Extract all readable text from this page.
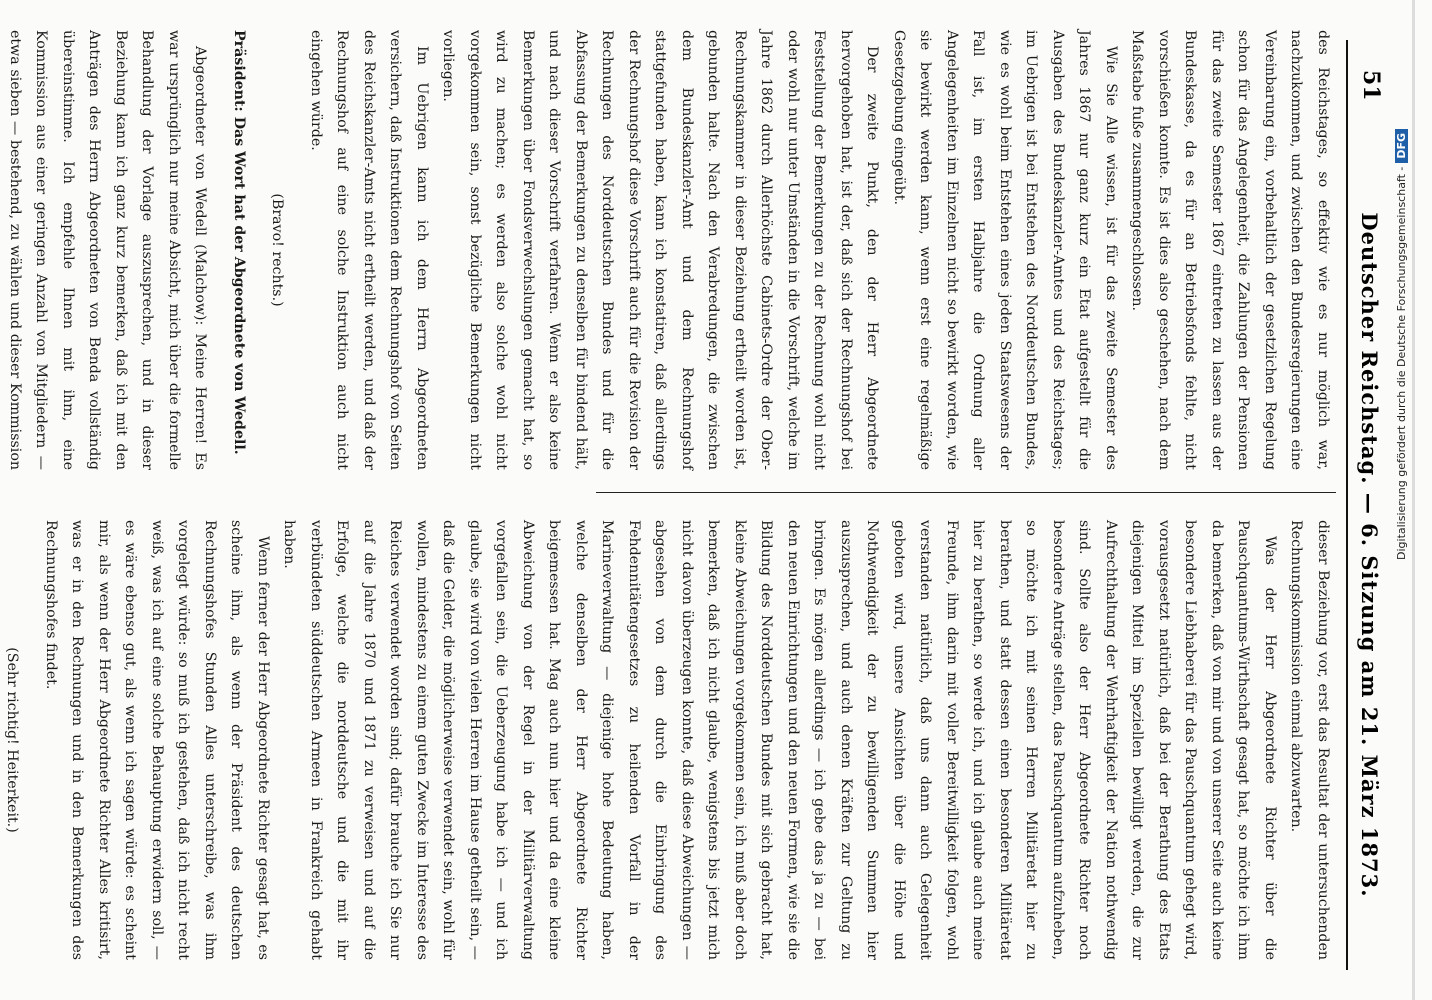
51
Deutscher Reichstag. — 6. Sitzung am 21. März 1873.

des Reichstages, so effektiv wie es nur möglich war, nachzukommen, und zwischen den Bundesregierungen eine Vereinbarung ein, vorbehaltlich der gesetzlichen Regelung schon für das Angelegenheit, die Zahlungen der Pensionen für das zweite Semester 1867 eintreten zu lassen aus der Bundeskasse, da es für an Betriebsfonds fehlte, nicht vorschießen konnte. Es ist dies also geschehen, nach dem Maßstabe fuße zusammengeschlossen.

Wie Sie Alle wissen, ist für das zweite Semester des Jahres 1867 nur ganz kurz ein Etat aufgestellt für die Ausgaben des Bundeskanzler-Amtes und des Reichstages; im Uebrigen ist bei Entstehen des Norddeutschen Bundes, wie es wohl beim Entstehen eines jeden Staatswesens der Fall ist, im ersten Halbjahre die Ordnung aller Angelegenheiten im Einzelnen nicht so bewirkt worden, wie sie bewirkt werden kann, wenn erst eine regelmäßige Gesetzgebung eingeübt.

Der zweite Punkt, den der Herr Abgeordnete hervorgehoben hat, ist der, daß sich der Rechnungshof bei Feststellung der Bemerkungen zu der Rechnung wohl nicht oder wohl nur unter Umständen in die Vorschrift, welche im Jahre 1862 durch Allerhöchste Cabinets-Ordre der Ober-Rechnungskammer in dieser Beziehung ertheilt worden ist, gebunden halte. Nach den Verabredungen, die zwischen dem Bundeskanzler-Amt und dem Rechnungshof stattgefunden haben, kann ich konstatiren, daß allerdings der Rechnungshof diese Vorschrift auch für die Revision der Rechnungen des Norddeutschen Bundes und für die Abfassung der Bemerkungen zu denselben für bindend hält, und nach dieser Vorschrift verfahren. Wenn er also keine Bemerkungen über Fondsverwechslungen gemacht hat, so wird zu machen; es werden also solche wohl nicht vorgekommen sein, sonst bezügliche Bemerkungen nicht vorliegen.

Im Uebrigen kann ich dem Herrn Abgeordneten versichern, daß Instruktionen dem Rechnungshof von Seiten des Reichskanzler-Amts nicht ertheilt werden, und daß der Rechnungshof auf eine solche Instruktion auch nicht eingehen würde.

(Bravo! rechts.)

Präsident: Das Wort hat der Abgeordnete von Wedell.

Abgeordneter von Wedell (Malchow): Meine Herren! Es war ursprünglich nur meine Absicht, mich über die formelle Behandlung der Vorlage auszusprechen, und in dieser Beziehung kann ich ganz kurz bemerken, daß ich mit den Anträgen des Herrn Abgeordneten von Benda vollständig übereinstimme. Ich empfehle Ihnen mit ihm, eine Kommission aus einer geringen Anzahl von Mitgliedern — etwa sieben — bestehend, zu wählen und dieser Kommission

dieser Beziehung vor, erst das Resultat der untersuchenden Rechnungskommission einmal abzuwarten.

Was der Herr Abgeordnete Richter über die Pauschquantums-Wirthschaft gesagt hat, so möchte ich ihm da bemerken, daß von mir und von unserer Seite auch keine besondere Liebhaberei für das Pauschquantum gehegt wird, vorausgesetzt natürlich, daß bei der Berathung des Etats diejenigen Mittel im Speziellen bewilligt werden, die zur Aufrechthaltung der Wehrhaftigkeit der Nation nothwendig sind. Sollte also der Herr Abgeordnete Richter noch besondere Anträge stellen, das Pauschquantum aufzuheben, so möchte ich mit seinen Herren Militäretat hier zu berathen, und statt dessen einen besonderen Militäretat hier zu berathen, so werde ich, und ich glaube auch meine Freunde, ihm darin mit voller Bereitwilligkeit folgen, wohl verstanden natürlich, daß uns dann auch Gelegenheit geboten wird, unsere Ansichten über die Höhe und Nothwendigkeit der zu bewilligenden Summen hier auszusprechen, und auch denen Kräften zur Geltung zu bringen. Es mögen allerdings — ich gebe das ja zu — bei den neuen Einrichtungen und den neuen Formen, wie sie die Bildung des Norddeutschen Bundes mit sich gebracht hat, kleine Abweichungen vorgekommen sein, ich muß aber doch bemerken, daß ich nicht glaube, wenigstens bis jetzt mich nicht davon überzeugen konnte, daß diese Abweichungen — abgesehen von dem durch die Einbringung des Fehdennitätengesetzes zu heilenden Vorfall in der Marineverwaltung — diejenige hohe Bedeutung haben, welche denselben der Herr Abgeordnete Richter beigemessen hat. Mag auch nun hier und da eine kleine Abweichung von der Regel in der Militärverwaltung vorgefallen sein, die Ueberzeugung habe ich — und ich glaube, sie wird von vielen Herren im Hause getheilt sein, — daß die Gelder, die möglicherweise verwendet sein, wohl für wollen, mindestens zu einem guten Zwecke im Interesse des Reiches verwendet worden sind; dafür brauche ich Sie nur auf die Jahre 1870 und 1871 zu verweisen und auf die Erfolge, welche die norddeutsche und die mit ihr verbündeten süddeutschen Armeen in Frankreich gehabt haben.

Wenn ferner der Herr Abgeordnete Richter gesagt hat, es scheine ihm, als wenn der Präsident des deutschen Rechnungshofes Stunden Alles unterschreibe, was ihm vorgelegt würde: so muß ich gestehen, daß ich nicht recht weiß, was ich auf eine solche Behauptung erwidern soll, — es wäre ebenso gut, als wenn ich sagen würde: es scheint mir, als wenn der Herr Abgeordnete Richter Alles kritisirt, was er in den Rechnungen und in den Bemerkungen des Rechnungshofes findet.

(Sehr richtig! Heiterkeit.)

Digitalisierung gefördert durch die Deutsche Forschungsgemeinschaft -DFG
